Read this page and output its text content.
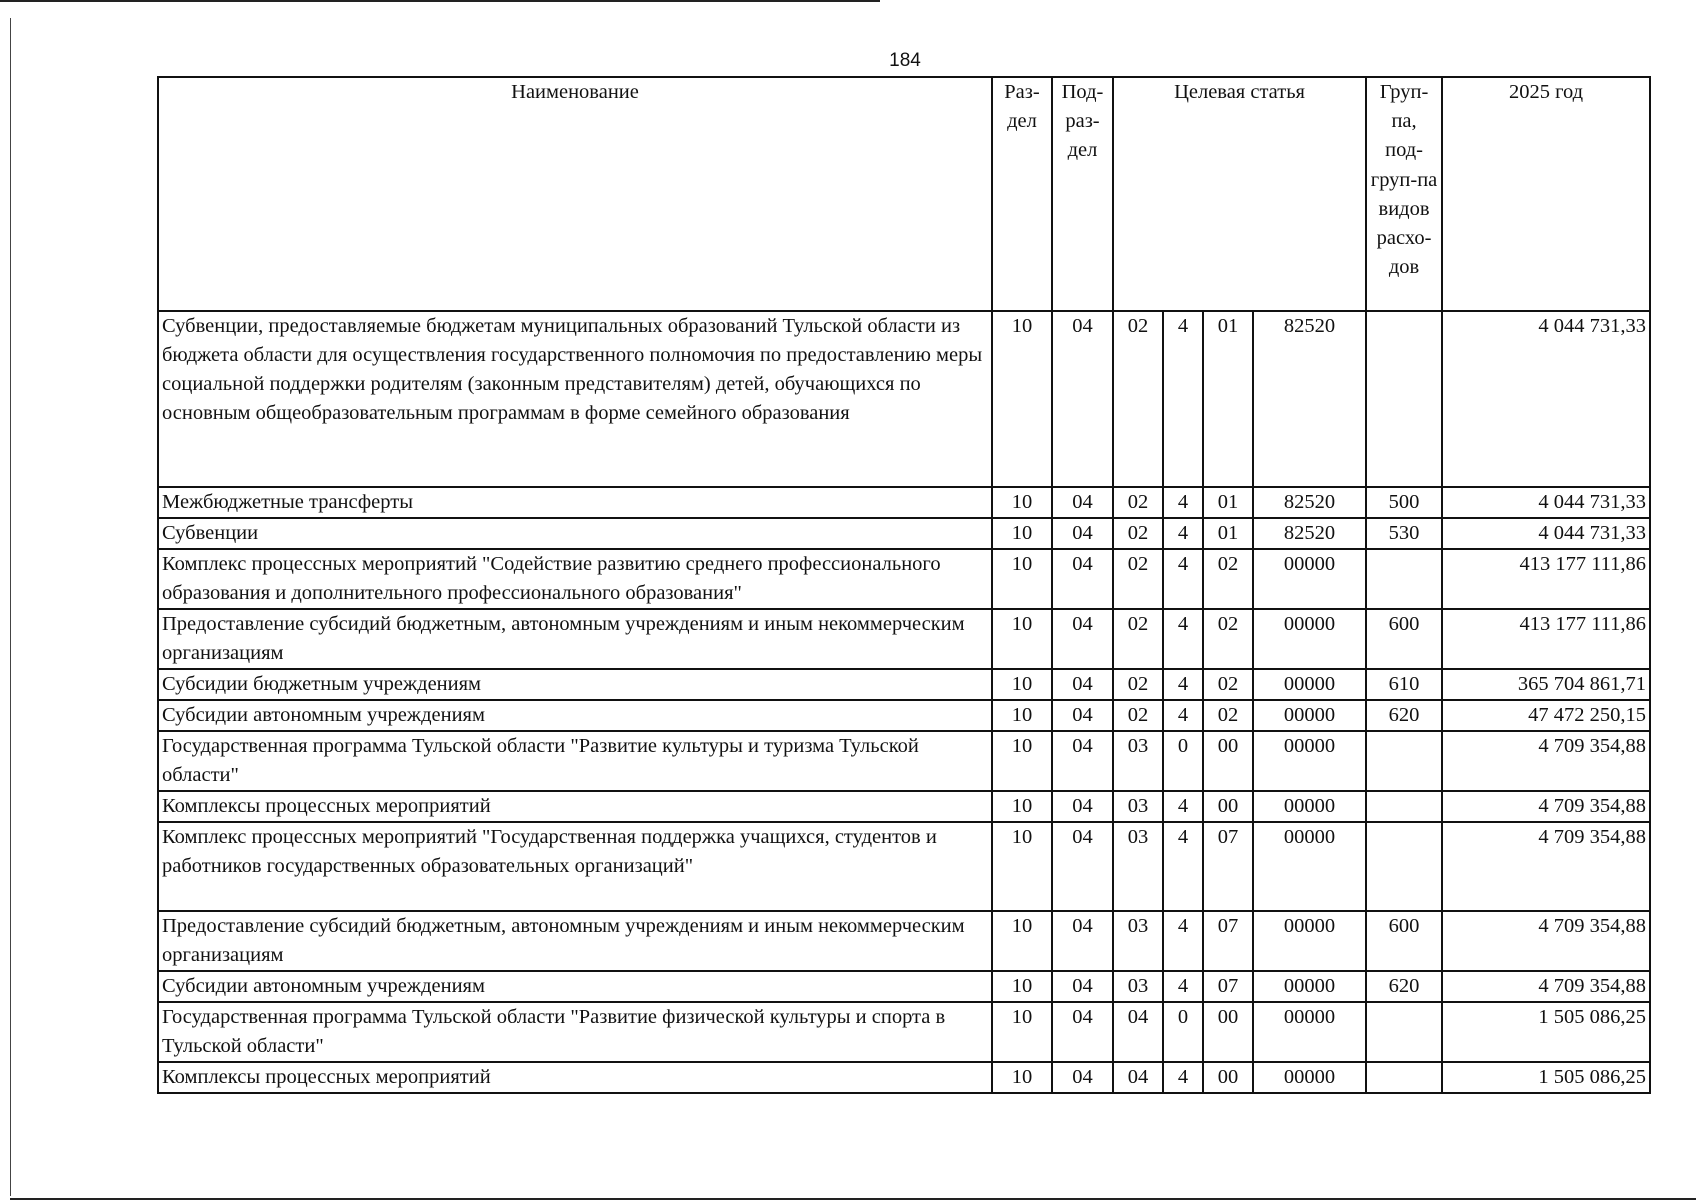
184
Наименование	Раз-дел	Под-раз-дел	Целевая статья				Груп-па, под-груп-па видов расхо-дов	2025 год
Субвенции, предоставляемые бюджетам муниципальных образований Тульской области из бюджета области для осуществления государственного полномочия по предоставлению меры социальной поддержки родителям (законным представителям) детей, обучающихся по основным общеобразовательным программам в форме семейного образования	10	04	02	4	01	82520		4 044 731,33
Межбюджетные трансферты	10	04	02	4	01	82520	500	4 044 731,33
Субвенции	10	04	02	4	01	82520	530	4 044 731,33
Комплекс процессных мероприятий "Содействие развитию среднего профессионального образования и дополнительного профессионального образования"	10	04	02	4	02	00000		413 177 111,86
Предоставление субсидий бюджетным, автономным учреждениям и иным некоммерческим организациям	10	04	02	4	02	00000	600	413 177 111,86
Субсидии бюджетным учреждениям	10	04	02	4	02	00000	610	365 704 861,71
Субсидии автономным учреждениям	10	04	02	4	02	00000	620	47 472 250,15
Государственная программа Тульской области "Развитие культуры и туризма Тульской области"	10	04	03	0	00	00000		4 709 354,88
Комплексы процессных мероприятий	10	04	03	4	00	00000		4 709 354,88
Комплекс процессных мероприятий "Государственная поддержка учащихся, студентов и работников государственных образовательных организаций"	10	04	03	4	07	00000		4 709 354,88
Предоставление субсидий бюджетным, автономным учреждениям и иным некоммерческим организациям	10	04	03	4	07	00000	600	4 709 354,88
Субсидии автономным учреждениям	10	04	03	4	07	00000	620	4 709 354,88
Государственная программа Тульской области "Развитие физической культуры и спорта в Тульской области"	10	04	04	0	00	00000		1 505 086,25
Комплексы процессных мероприятий	10	04	04	4	00	00000		1 505 086,25
